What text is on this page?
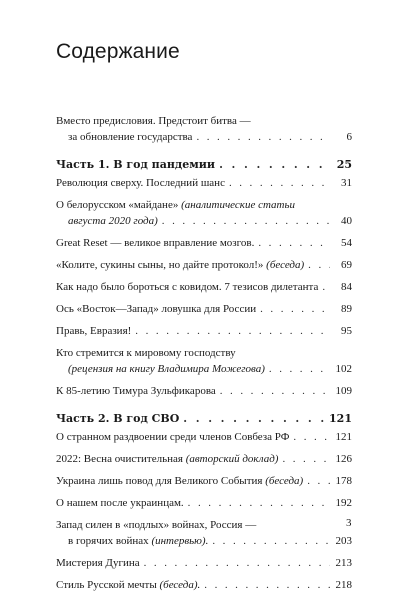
Содержание
Вместо предисловия. Предстоит битва —
за обновление государства . . .	6
Часть 1. В год пандемии . . .	25
Революция сверху. Последний шанс . . .	31
О белорусском «майдане» (аналитические статьи
августа 2020 года) . . .	40
Great Reset — великое вправление мозгов. . . .	54
«Колите, сукины сыны, но дайте протокол!» (беседа) . . .	69
Как надо было бороться с ковидом. 7 тезисов дилетанта . . .	84
Ось «Восток—Запад» ловушка для России . . .	89
Правь, Евразия! . . .	95
Кто стремится к мировому господству
(рецензия на книгу Владимира Можегова) . . .	102
К 85-летию Тимура Зульфикарова . . .	109
Часть 2. В год СВО . . .	121
О странном раздвоении среди членов Совбеза РФ . . .	121
2022: Весна очистительная (авторский доклад) . . .	126
Украина лишь повод для Великого События (беседа) . . .	178
О нашем после украинцам. . . .	192
Запад силен в «подлых» войнах, Россия —
в горячих войнах (интервью). . . .	203
Мистерия Дугина . . .	213
Стиль Русской мечты (беседа). . . .	218
3
